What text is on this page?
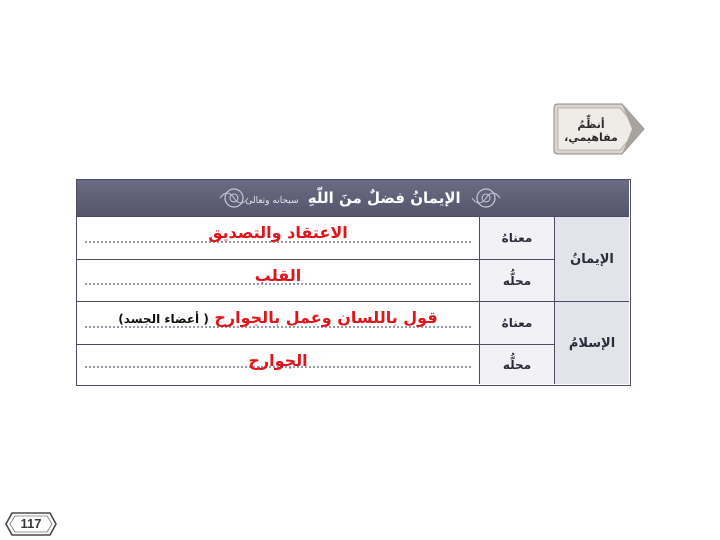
أنظِّمُ مفاهيمي،
الإيمانُ فضلٌ منَ اللّهِ سبحانه وتعالى
الإيمانُ
معناهُ
الاعتقاد والتصديق
محلُّه
القلب
الإسلامُ
معناهُ
قول باللسان وعمل بالجوارح ( أعضاء الجسد)
محلُّه
الجوارح
117
